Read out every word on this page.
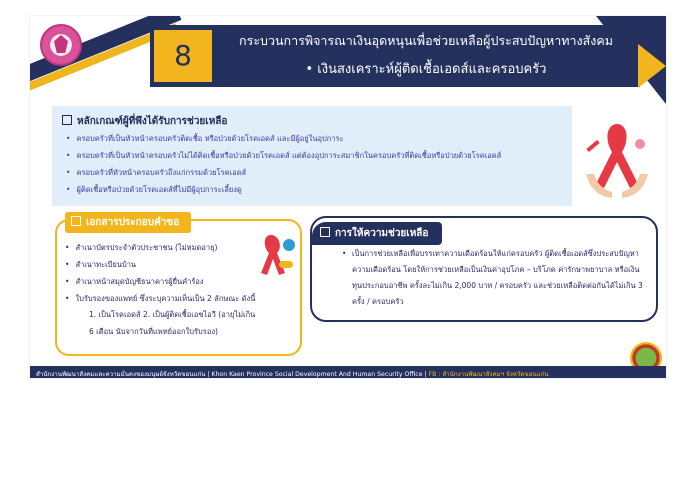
8	กระบวนการพิจารณาเงินอุดหนุนเพื่อช่วยเหลือผู้ประสบปัญหาทางสังคม
• เงินสงเคราะห์ผู้ติดเชื้อเอดส์และครอบครัว
หลักเกณฑ์ผู้ที่พึงได้รับการช่วยเหลือ
• ครอบครัวที่เป็นหัวหน้าครอบครัวติดเชื้อ หรือป่วยด้วยโรคเอดส์ และมีผู้อยู่ในอุปการะ
• ครอบครัวที่เป็นหัวหน้าครอบครัวไม่ได้ติดเชื้อหรือป่วยด้วยโรคเอดส์ แต่ต้องอุปการะสมาชิกในครอบครัวที่ติดเชื้อหรือป่วยด้วยโรคเอดส์
• ครอบครัวที่หัวหน้าครอบครัวถึงแก่กรรมด้วยโรคเอดส์
• ผู้ติดเชื้อหรือป่วยด้วยโรคเอดส์ที่ไม่มีผู้อุปการะเลี้ยงดู
เอกสารประกอบคำขอ
• สำเนาบัตรประจำตัวประชาชน (ไม่หมดอายุ)
• สำเนาทะเบียนบ้าน
• สำเนาหน้าสมุดบัญชีธนาคารผู้ยื่นคำร้อง
• ใบรับรองของแพทย์ ซึ่งระบุความเห็นเป็น 2 ลักษณะ ดังนี้
1. เป็นโรคเอดส์ 2. เป็นผู้ติดเชื้อเอชไอวี (อายุไม่เกิน
6 เดือน นับจากวันที่แพทย์ออกใบรับรอง)
การให้ความช่วยเหลือ
• เป็นการช่วยเหลือเพื่อบรรเทาความเดือดร้อนให้แก่ครอบครัว ผู้ติดเชื้อเอดส์ซึ่งประสบปัญหาความเดือดร้อน โดยให้การช่วยเหลือเป็นเงินค่าอุปโภค – บริโภค ค่ารักษาพยาบาล หรือเงินทุนประกอบอาชีพ ครั้งละไม่เกิน 2,000 บาท / ครอบครัว และช่วยเหลือติดต่อกันได้ไม่เกิน 3 ครั้ง / ครอบครัว
สำนักงานพัฒนาสังคมและความมั่นคงของมนุษย์จังหวัดขอนแก่น | Khon Kaen Province Social Development And Human Security Office | FB : สำนักงานพัฒนาสังคมฯ จังหวัดขอนแก่น
